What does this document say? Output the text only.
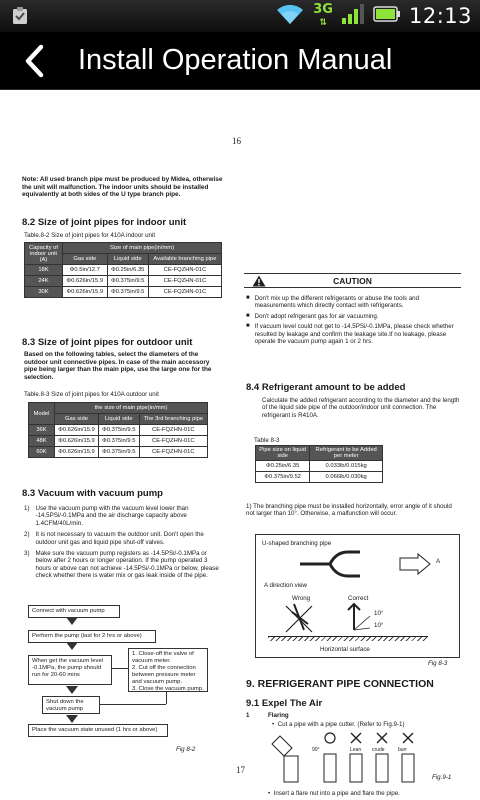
3G
⇅	12:13
Install Operation Manual
16
Note: All used branch pipe must be produced by Midea, otherwise the unit will malfunction. The indoor units should be installed equivalently at both sides of the U type branch pipe.
8.2 Size of joint pipes for indoor unit
Table.8-2 Size of joint pipes for 410A indoor unit
Capacity of indoor unit (A)	Size of main pipe(in/mm)		
	Gas side	Liquid side	Available branching pipe
18K	Φ0.5in/12.7	Φ0.25in/6.35	CE-FQZHN-01C
24K	Φ0.626in/15.9	Φ0.375in/9.5	CE-FQZHN-01C
30K	Φ0.626in/15.9	Φ0.375in/9.5	CE-FQZHN-01C
8.3 Size of joint pipes for outdoor unit
Based on the following tables, select the diameters of the outdoor unit connective pipes. In case of the main accessory pipe being larger than the main pipe, use the large one for the selection.
Table.8-3 Size of joint pipes for 410A outdoor unit
Model	the size of main pipe(in/mm)		
	Gas side	Liquid side	The 3rd branching pipe
36K	Φ0.626in/15.9	Φ0.375in/9.5	CE-FQZHN-01C
48K	Φ0.626in/15.9	Φ0.375in/9.5	CE-FQZHN-01C
60K	Φ0.626in/15.9	Φ0.375in/9.5	CE-FQZHN-01C
8.3 Vacuum with vacuum pump
1) Use the vacuum pump with the vacuum level lower than -14.5PSi/-0.1MPa and the air discharge capacity above 1.4CFM/40L/min.
2) It is not necessary to vacuum the outdoor unit. Don't open the outdoor unit gas and liquid pipe shut-off valves.
3) Make sure the vacuum pump registers as -14.5PSi/-0.1MPa or below after 2 hours or longer operation. If the pump operated 3 hours or above can not achieve -14.5PSi/-0.1MPa or below, please check whether there is water mix or gas leak inside of the pipe.
Connect with vacuum pump
Perform the pump (last for 2 hrs or above)
When get the vacuum level -0.1MPa, the pump should run for 20-60 mins
1. Close-off the valve of vacuum meter.
2. Cut off the connection between pressure meter and vacuum pump.
3. Close the vacuum pump.
Shut down the vacuum pump
Place the vacuum state unused (1 hrs or above)
Fig 8-2
CAUTION
■ Don't mix up the different refrigerants or abuse the tools and measurements which directly contact with refrigerants.
■ Don't adopt refrigerant gas for air vacuuming.
■ If vacuum level could not get to -14.5PSi/-0.1MPa, please check whether resulted by leakage and confirm the leakage site.If no leakage, please operate the vacuum pump again 1 or 2 hrs.
8.4 Refrigerant amount to be added
Calculate the added refrigerant according to the diameter and the length of the liquid side pipe of the outdoor/indoor unit connection. The refrigerant is R410A.
Table 8-3
Pipe size on liquid side	Refrigerant to be Added per meter
Φ0.25in/6.35	0.033lb/0.015kg
Φ0.375in/9.52	0.066lb/0.030kg
1) The branching pipe must be installed horizontally, error angle of it should not larger than 10°. Otherwise, a malfunction will occur.
U-shaped branching pipe
A
A direction view
Wrong	Correct
10°
10°
Horizontal surface
Fig 8-3
9. REFRIGERANT PIPE CONNECTION
9.1 Expel The Air
1	Flaring
•  Cut a pipe with a pipe cutter. (Refer to Fig.9-1)
90°	Lean crude	burr
Fig.9-1
•  Insert a flare nut into a pipe and flare the pipe.
17
